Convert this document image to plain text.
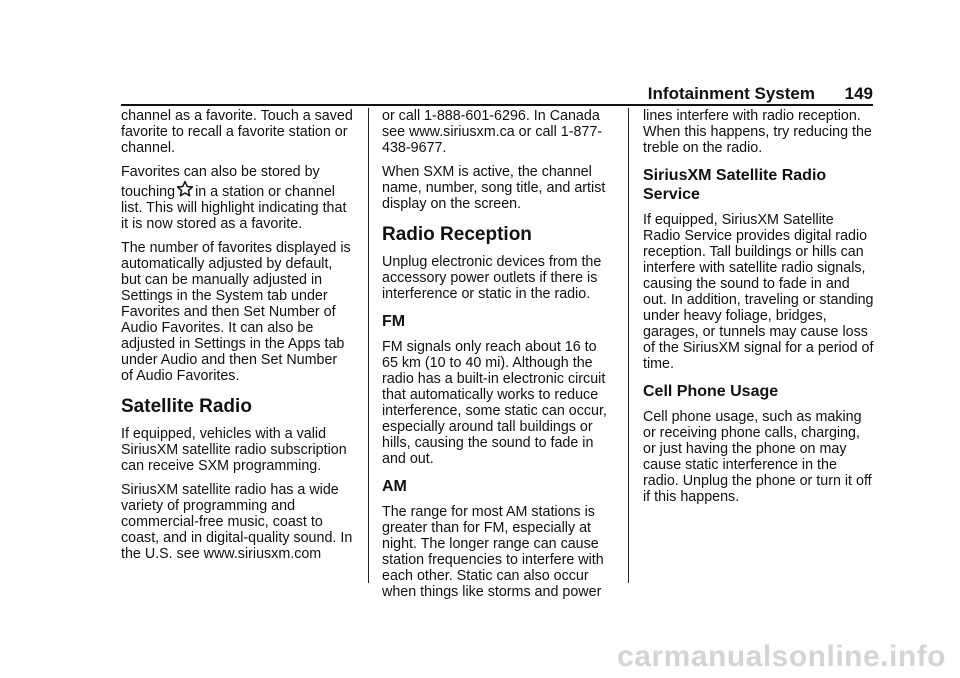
Infotainment System 149

channel as a favorite. Touch a saved favorite to recall a favorite station or channel.

Favorites can also be stored by touching in a station or channel list. This will highlight indicating that it is now stored as a favorite.

The number of favorites displayed is automatically adjusted by default, but can be manually adjusted in Settings in the System tab under Favorites and then Set Number of Audio Favorites. It can also be adjusted in Settings in the Apps tab under Audio and then Set Number of Audio Favorites.

Satellite Radio

If equipped, vehicles with a valid SiriusXM satellite radio subscription can receive SXM programming.

SiriusXM satellite radio has a wide variety of programming and commercial-free music, coast to coast, and in digital-quality sound. In the U.S. see www.siriusxm.com

or call 1-888-601-6296. In Canada see www.siriusxm.ca or call 1-877-438-9677.

When SXM is active, the channel name, number, song title, and artist display on the screen.

Radio Reception

Unplug electronic devices from the accessory power outlets if there is interference or static in the radio.

FM

FM signals only reach about 16 to 65 km (10 to 40 mi). Although the radio has a built-in electronic circuit that automatically works to reduce interference, some static can occur, especially around tall buildings or hills, causing the sound to fade in and out.

AM

The range for most AM stations is greater than for FM, especially at night. The longer range can cause station frequencies to interfere with each other. Static can also occur when things like storms and power

lines interfere with radio reception. When this happens, try reducing the treble on the radio.

SiriusXM Satellite Radio Service

If equipped, SiriusXM Satellite Radio Service provides digital radio reception. Tall buildings or hills can interfere with satellite radio signals, causing the sound to fade in and out. In addition, traveling or standing under heavy foliage, bridges, garages, or tunnels may cause loss of the SiriusXM signal for a period of time.

Cell Phone Usage

Cell phone usage, such as making or receiving phone calls, charging, or just having the phone on may cause static interference in the radio. Unplug the phone or turn it off if this happens.

carmanualsonline.info
